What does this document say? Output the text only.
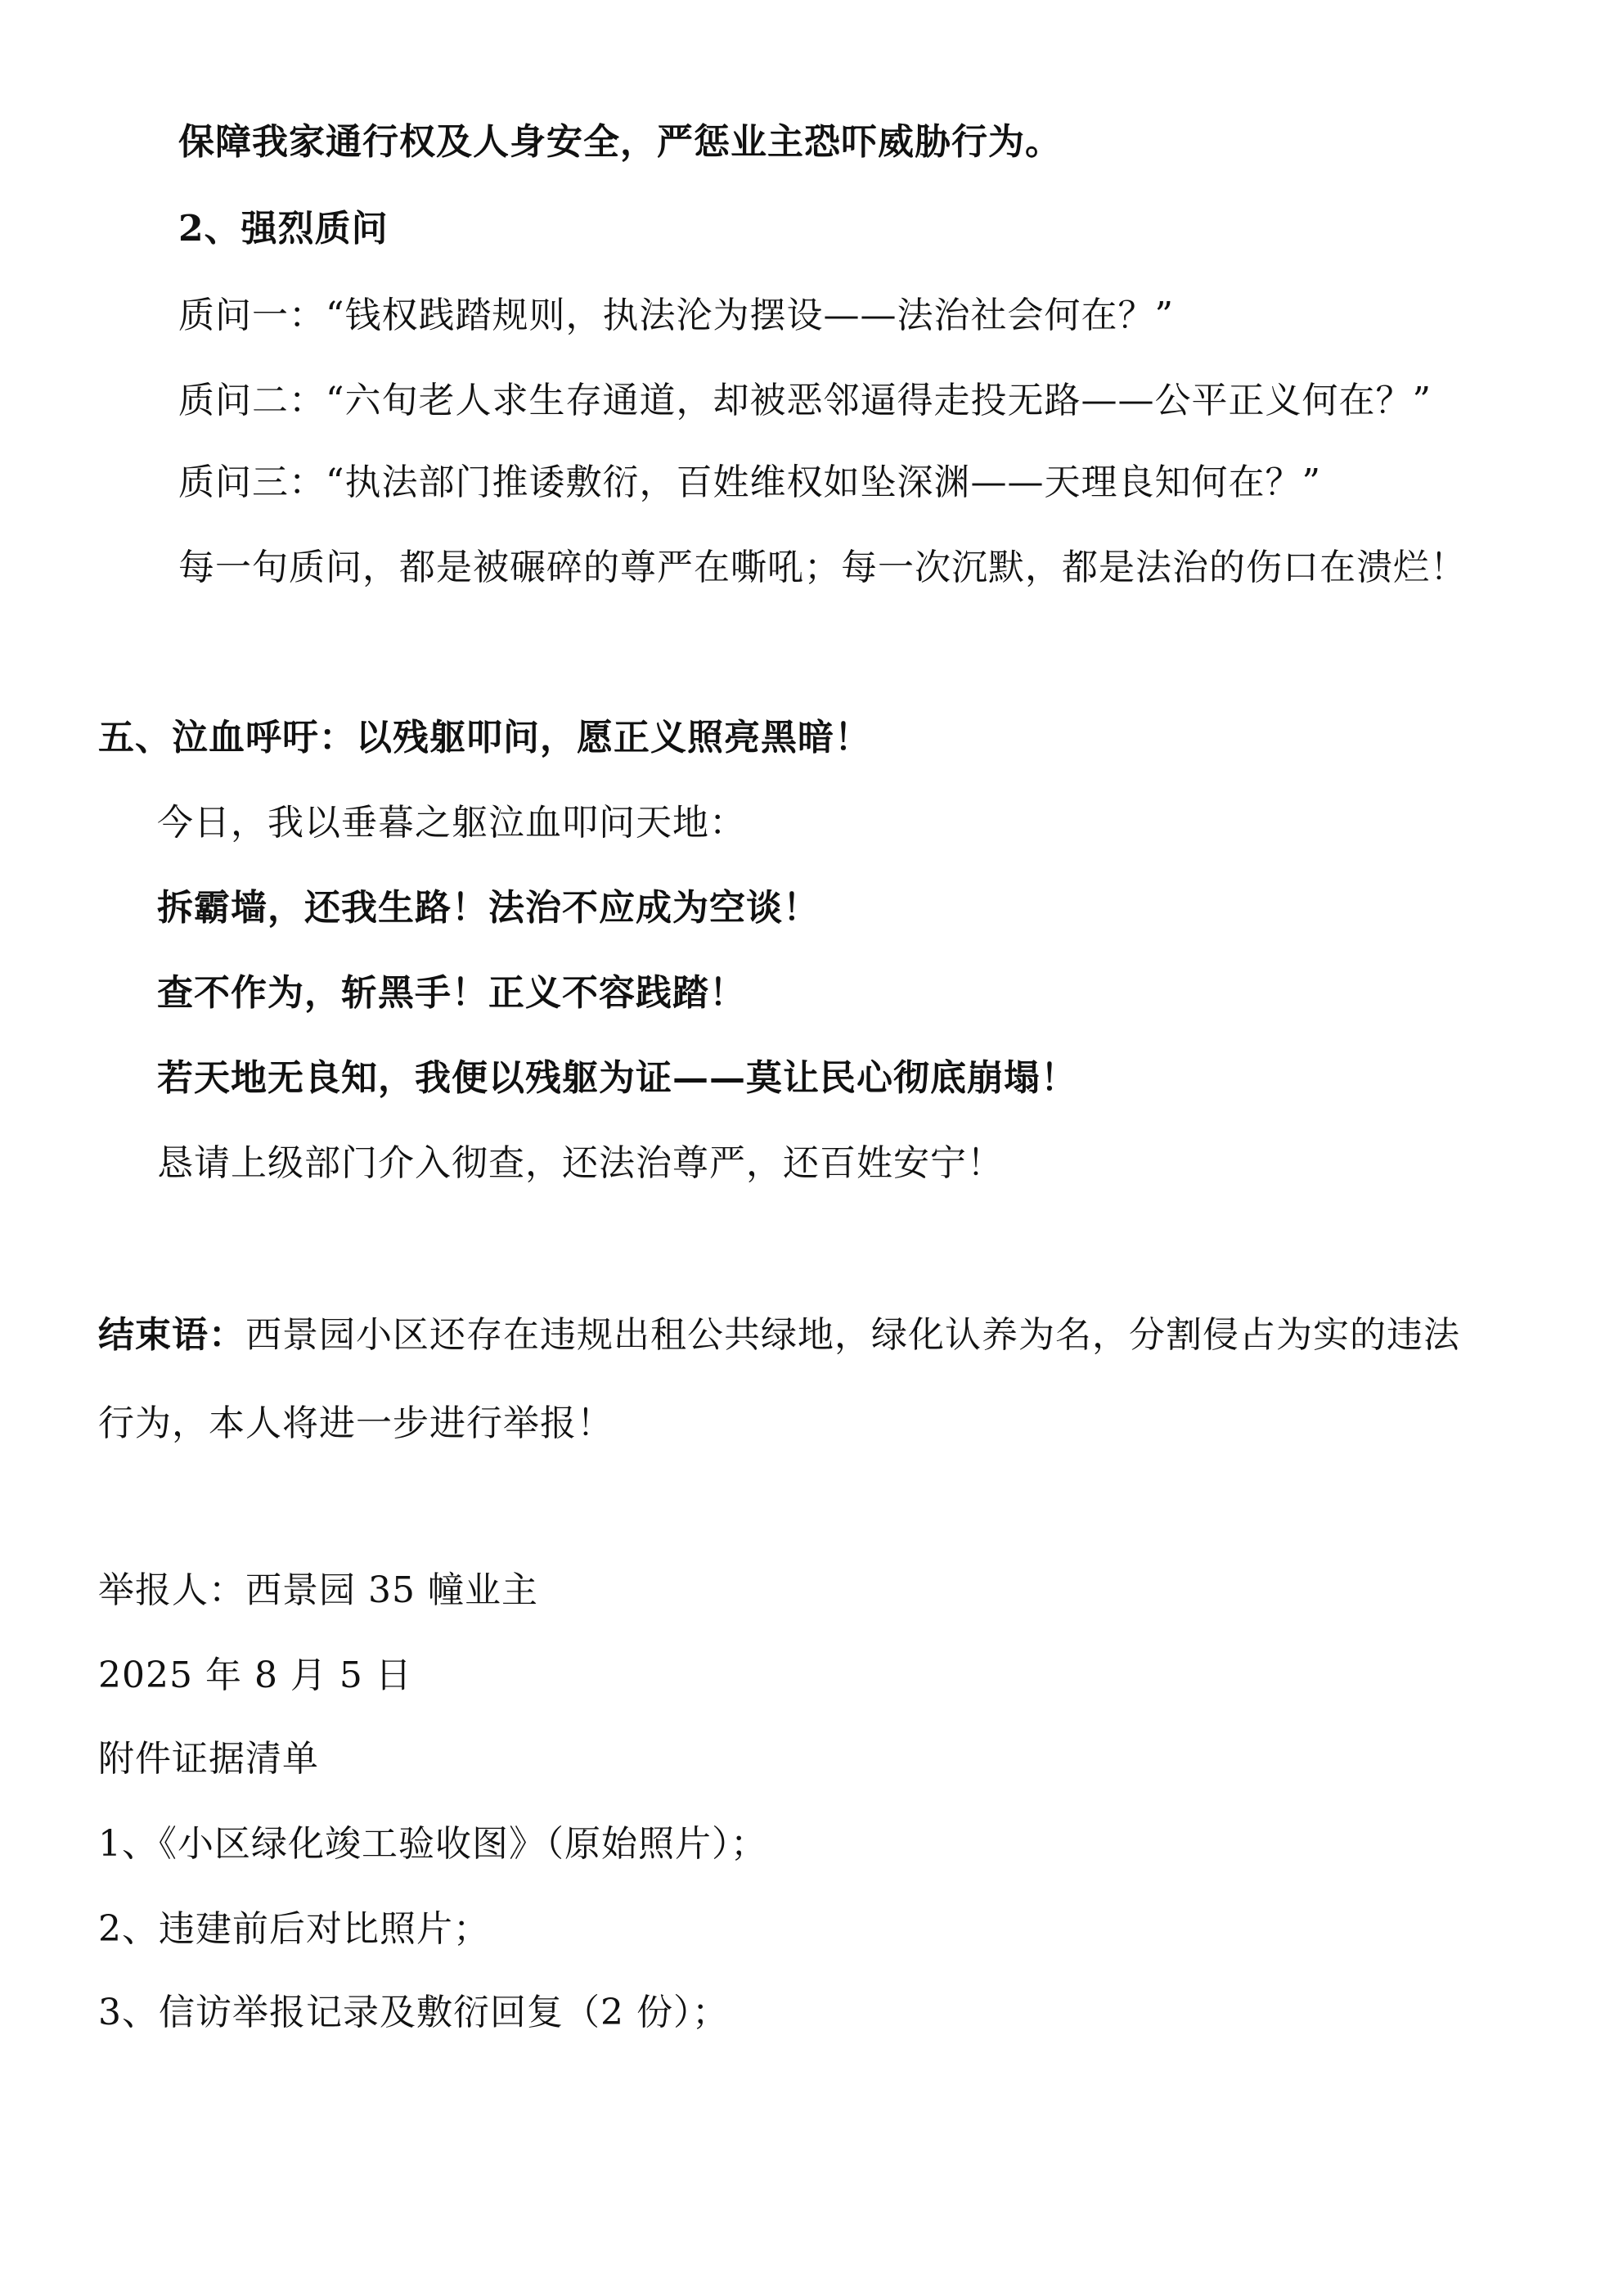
保障我家通行权及人身安全，严惩业主恐吓威胁行为。
2、强烈质问
质问一：“钱权践踏规则，执法沦为摆设——法治社会何在？”
质问二：“六旬老人求生存通道，却被恶邻逼得走投无路——公平正义何在？”
质问三：“执法部门推诿敷衍，百姓维权如坠深渊——天理良知何在？”
每一句质问，都是被碾碎的尊严在嘶吼；每一次沉默，都是法治的伤口在溃烂！
五、泣血呼吁：以残躯叩问，愿正义照亮黑暗！
今日，我以垂暮之躯泣血叩问天地：
拆霸墙，还我生路！法治不应成为空谈！
查不作为，斩黑手！正义不容践踏！
若天地无良知，我便以残躯为证——莫让民心彻底崩塌！
恳请上级部门介入彻查，还法治尊严，还百姓安宁！
结束语：西景园小区还存在违规出租公共绿地，绿化认养为名，分割侵占为实的违法
行为，本人将进一步进行举报！
举报人：西景园 35 幢业主
2025 年 8 月 5 日
附件证据清单
1、《小区绿化竣工验收图》（原始照片）；
2、违建前后对比照片；
3、信访举报记录及敷衍回复（2 份）；
